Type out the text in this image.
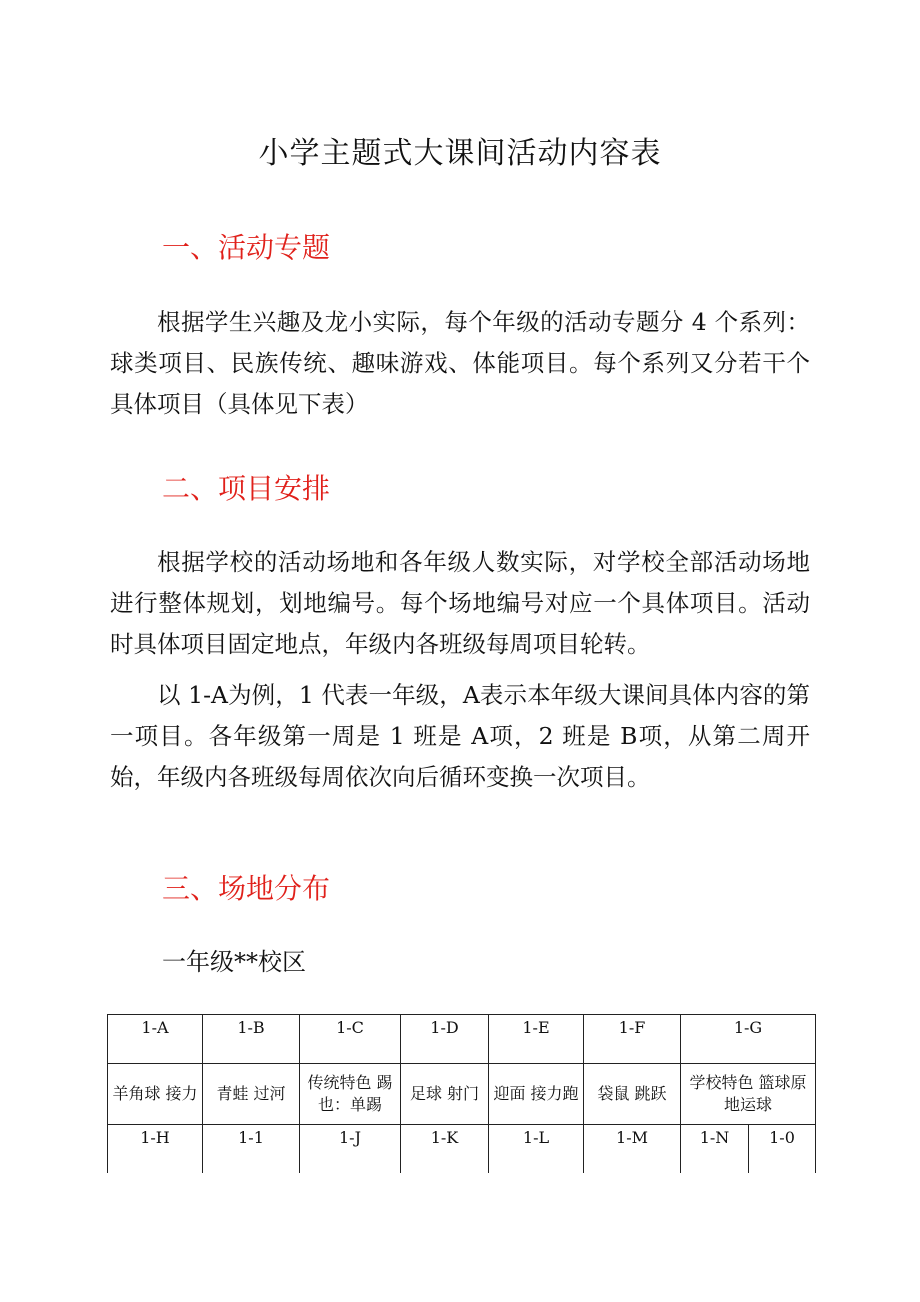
小学主题式大课间活动内容表
一、活动专题

根据学生兴趣及龙小实际，每个年级的活动专题分 4 个系列：球类项目、民族传统、趣味游戏、体能项目。每个系列又分若干个具体项目（具体见下表）

二、项目安排

根据学校的活动场地和各年级人数实际，对学校全部活动场地进行整体规划，划地编号。每个场地编号对应一个具体项目。活动时具体项目固定地点，年级内各班级每周项目轮转。

以 1-A为例，1 代表一年级，A表示本年级大课间具体内容的第一项目。各年级第一周是 1 班是 A项，2 班是 B项，从第二周开始，年级内各班级每周依次向后循环变换一次项目。

三、场地分布
一年级**校区
1-A	1-B	1-C	1-D	1-E	1-F	1-G	
羊角球 接力	青蛙 过河	传统特色 踢也：单踢	足球 射门	迎面 接力跑	袋鼠 跳跃	学校特色 篮球原地运球	
1-H	1-1	1-J	1-K	1-L	1-M	1-N	1-0
